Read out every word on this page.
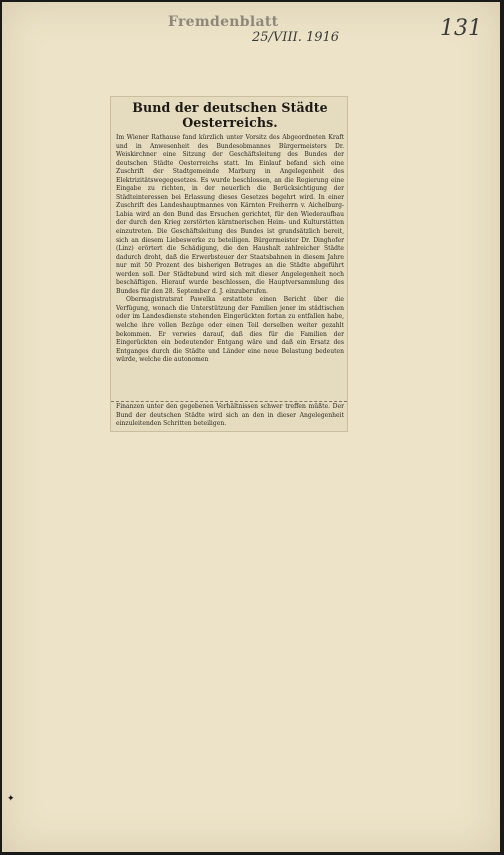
Fremdenblatt
25/VIII. 1916	131
Bund der deutschen Städte Oesterreichs.

Im Wiener Rathause fand kürzlich unter Vorsitz des Abgeordneten Kraft und in Anwesenheit des Bundesobmannes Bürgermeisters Dr. Weiskirchner eine Sitzung der Geschäftsleitung des Bundes der deutschen Städte Oesterreichs statt. Im Einlauf befand sich eine Zuschrift der Stadtgemeinde Marburg in Angelegenheit des Elektrizitätswegegesetzes. Es wurde beschlossen, an die Regierung eine Eingabe zu richten, in der neuerlich die Berücksichtigung der Städteinteressen bei Erlassung dieses Gesetzes begehrt wird. In einer Zuschrift des Landeshauptmannes von Kärnten Freiherrn v. Aichelburg-Labia wird an den Bund das Ersuchen gerichtet, für den Wiederaufbau der durch den Krieg zerstörten kärntnerischen Heim- und Kulturstätten einzutreten. Die Geschäftsleitung des Bundes ist grundsätzlich bereit, sich an diesem Liebeswerke zu beteiligen. Bürgermeister Dr. Dinghofer (Linz) erörtert die Schädigung, die den Haushalt zahlreicher Städte dadurch droht, daß die Erwerbsteuer der Staatsbahnen in diesem Jahre nur mit 50 Prozent des bisherigen Betrages an die Städte abgeführt werden soll. Der Städtebund wird sich mit dieser Angelegenheit noch beschäftigen. Hierauf wurde beschlossen, die Hauptversammlung des Bundes für den 28. September d. J. einzuberufen.

Obermagistratsrat Pawelka erstattete einen Bericht über die Verfügung, wonach die Unterstützung der Familien jener im städtischen oder im Landesdienste stehenden Eingerückten fortan zu entfallen habe, welche ihre vollen Bezüge oder einen Teil derselben weiter gezahlt bekommen. Er verwies darauf, daß dies für die Familien der Eingerückten ein bedeutender Entgang wäre und daß ein Ersatz des Entganges durch die Städte und Länder eine neue Belastung bedeuten würde, welche die autonomen

Finanzen unter den gegebenen Verhältnissen schwer treffen müßte. Der Bund der deutschen Städte wird sich an den in dieser Angelegenheit einzuleitenden Schritten beteiligen.

✦
